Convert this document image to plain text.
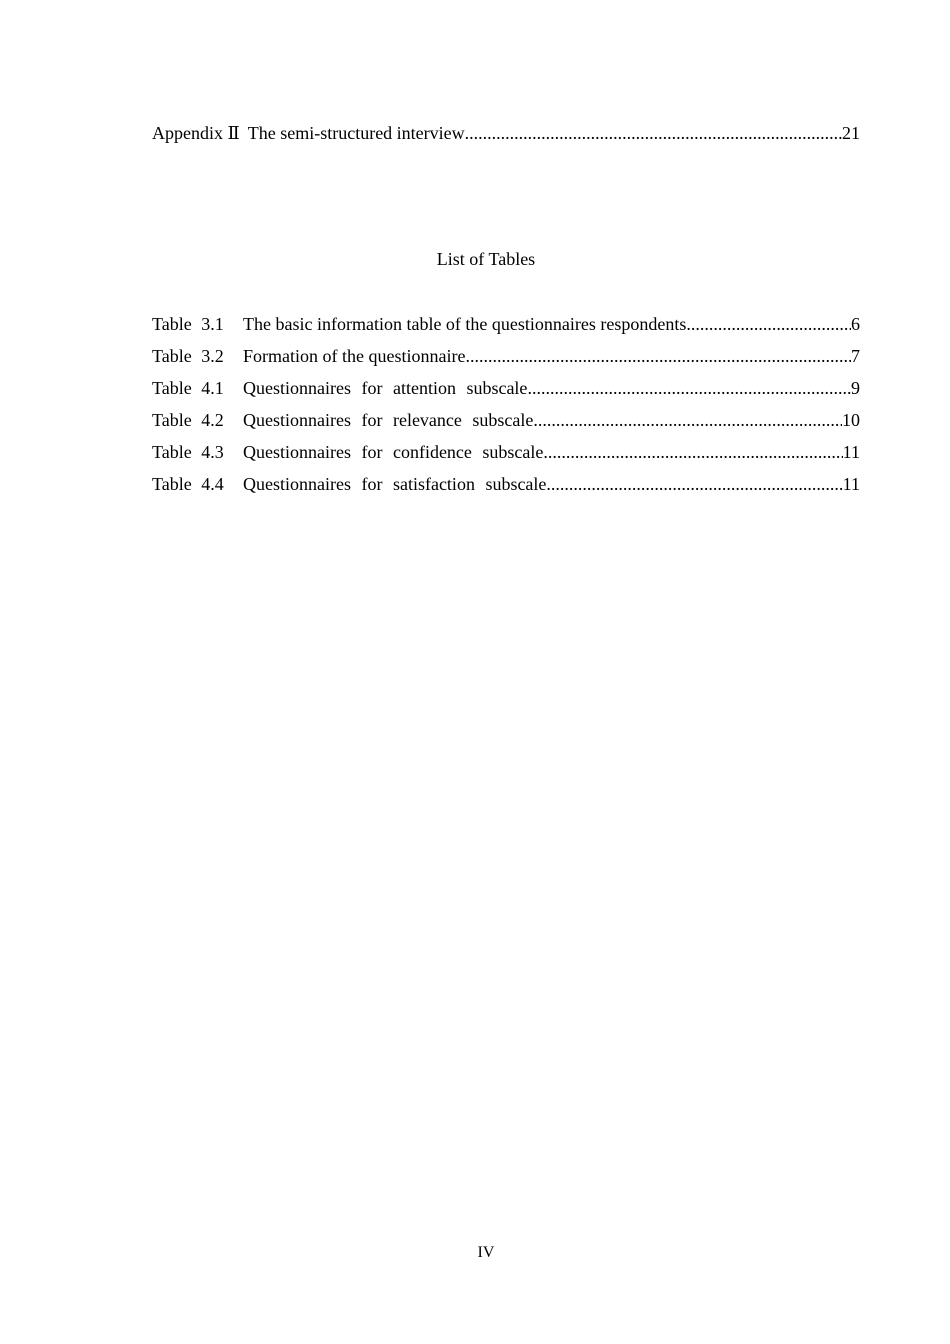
Appendix Ⅱ The semi-structured interview .....	21
List of Tables
Table 3.1	The basic information table of the questionnaires respondents .....	6
Table 3.2	Formation of the questionnaire .....	7
Table 4.1	Questionnaires for attention subscale .....	9
Table 4.2	Questionnaires for relevance subscale .....	10
Table 4.3	Questionnaires for confidence subscale .....	11
Table 4.4	Questionnaires for satisfaction subscale .....	11
IV
